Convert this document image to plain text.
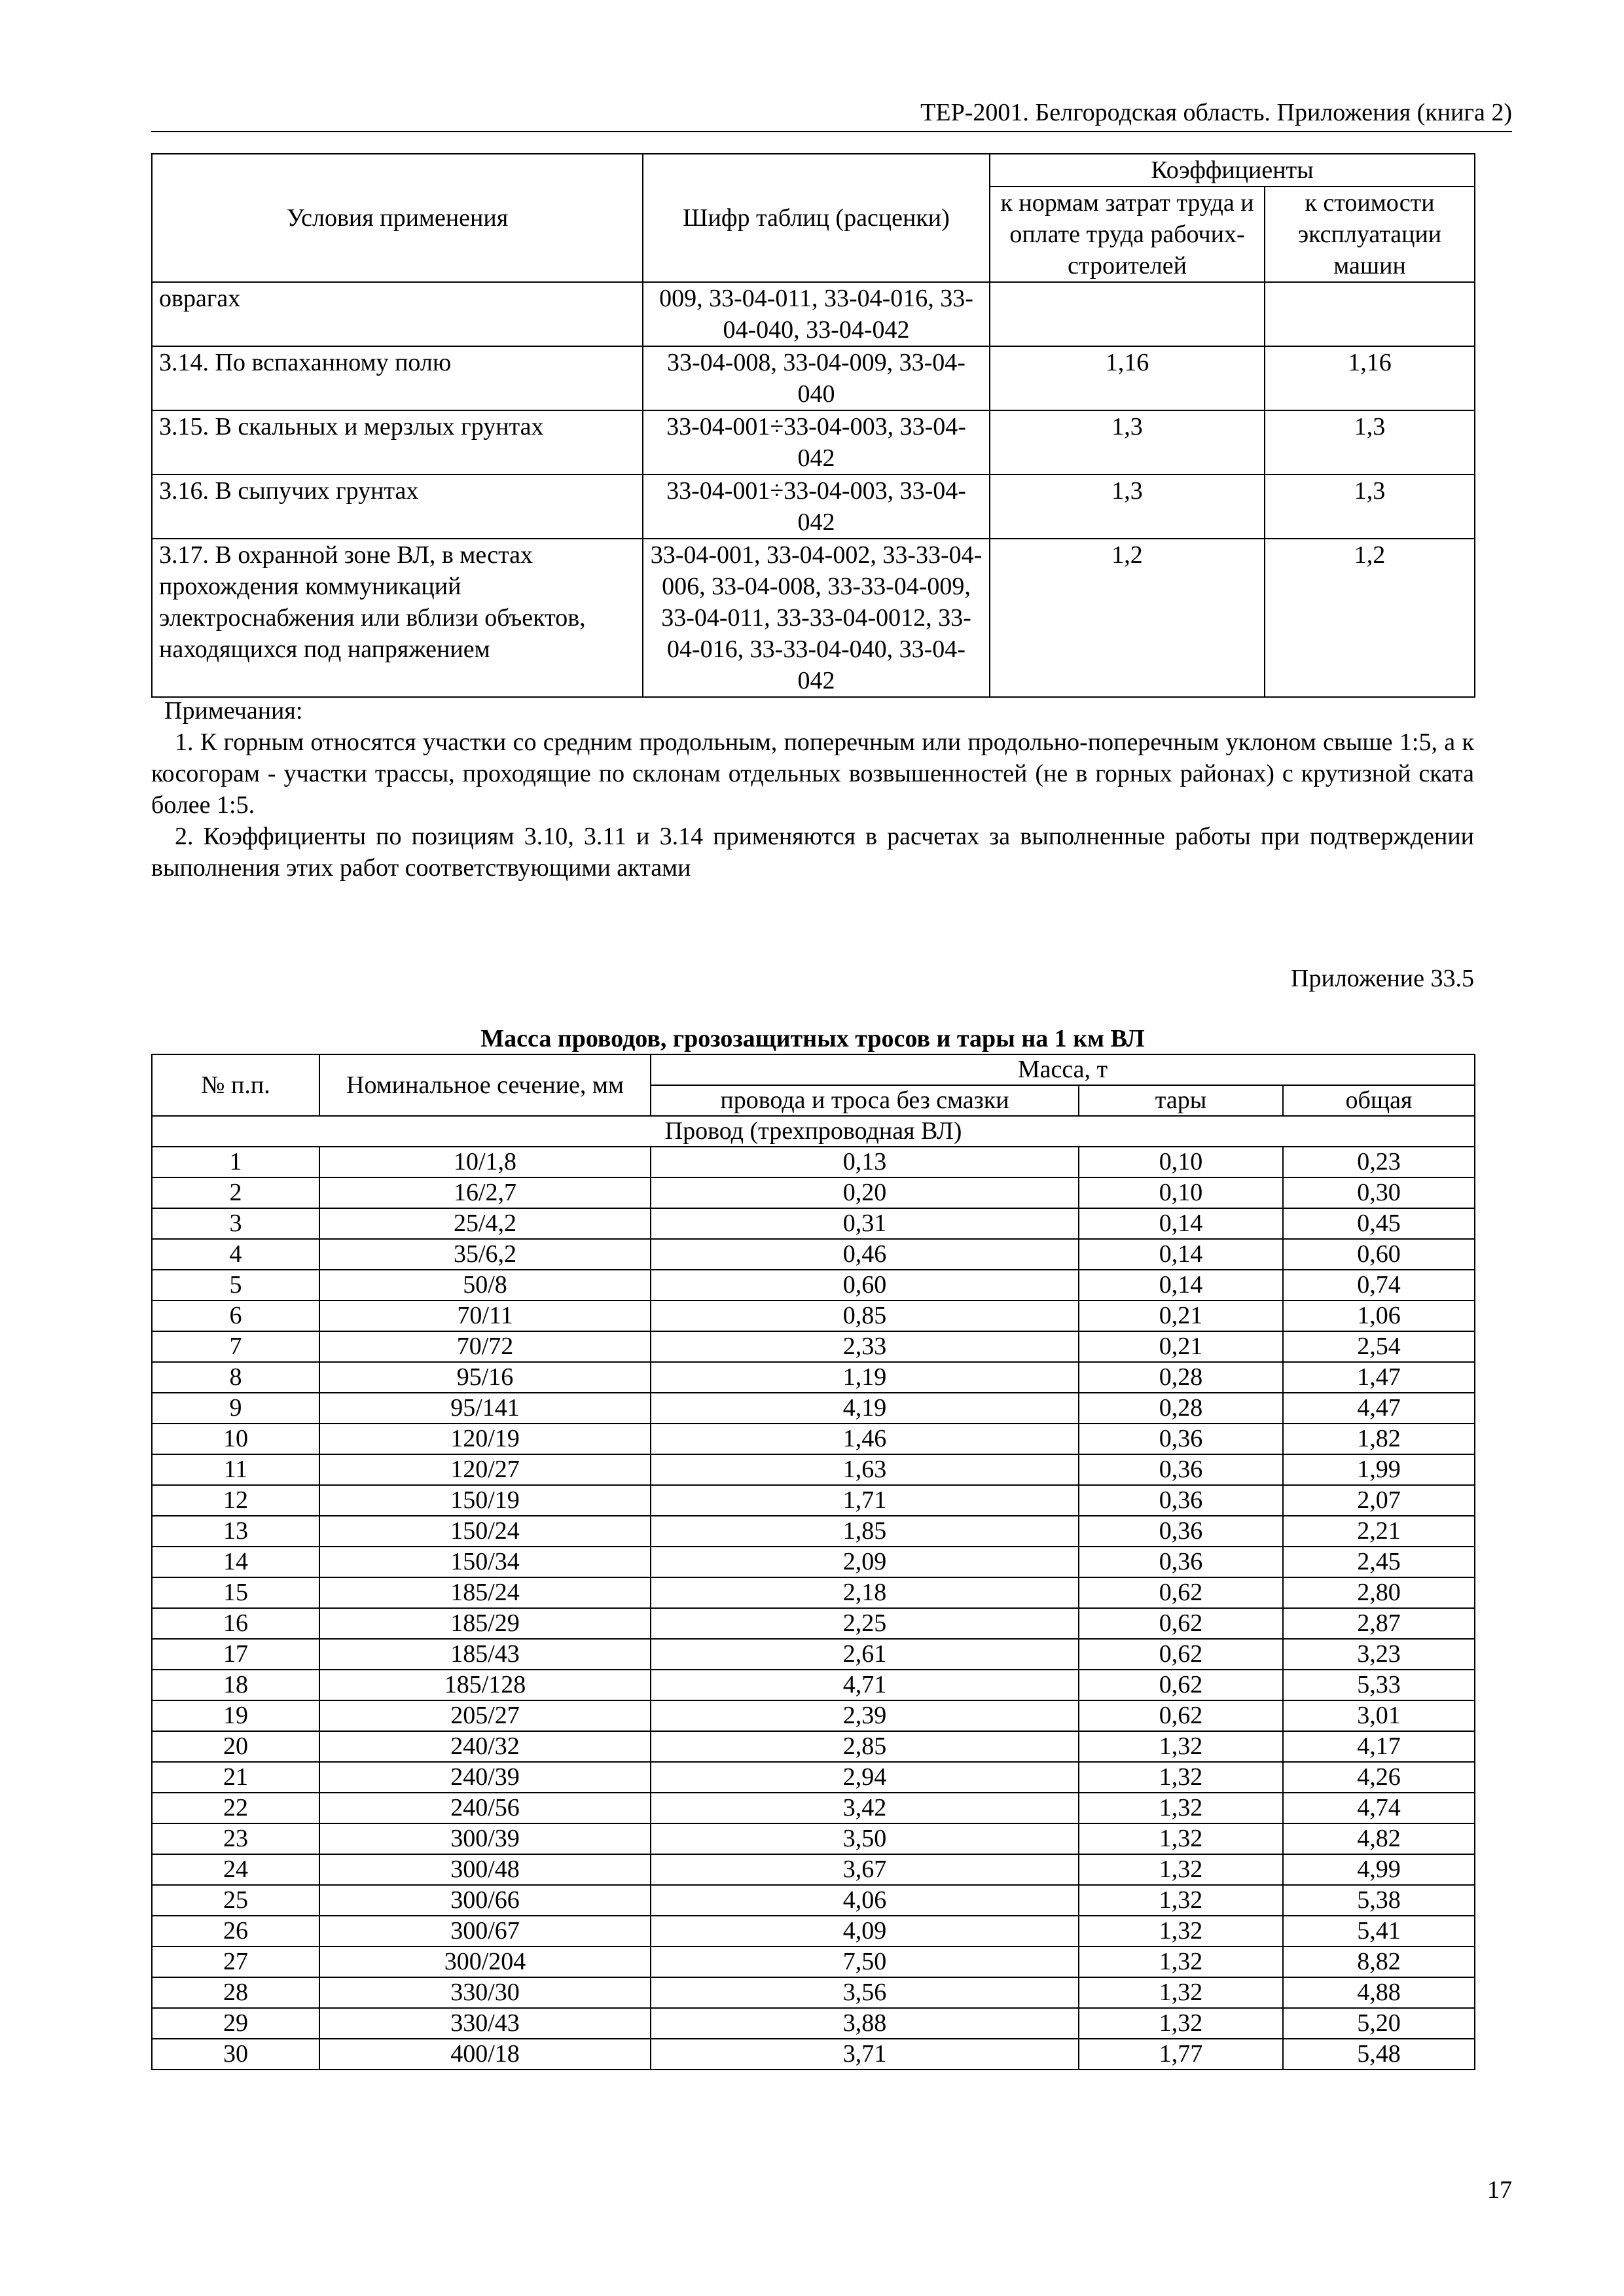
ТЕР-2001. Белгородская область. Приложения (книга 2)
Условия применения	Шифр таблиц (расценки)	Коэффициенты	
		к нормам затрат труда и оплате труда рабочих-строителей	к стоимости эксплуатации машин
оврагах	009, 33-04-011, 33-04-016, 33-04-040, 33-04-042		
3.14. По вспаханному полю	33-04-008, 33-04-009, 33-04-040	1,16	1,16
3.15. В скальных и мерзлых грунтах	33-04-001÷33-04-003, 33-04-042	1,3	1,3
3.16. В сыпучих грунтах	33-04-001÷33-04-003, 33-04-042	1,3	1,3
3.17. В охранной зоне ВЛ, в местах прохождения коммуникаций электроснабжения или вблизи объектов, находящихся под напряжением	33-04-001, 33-04-002, 33-33-04-006, 33-04-008, 33-33-04-009, 33-04-011, 33-33-04-0012, 33-04-016, 33-33-04-040, 33-04-042	1,2	1,2

Примечания:

1. К горным относятся участки со средним продольным, поперечным или продольно-поперечным уклоном свыше 1:5, а к косогорам - участки трассы, проходящие по склонам отдельных возвышенностей (не в горных районах) с крутизной ската более 1:5.

2. Коэффициенты по позициям 3.10, 3.11 и 3.14 применяются в расчетах за выполненные работы при подтверждении выполнения этих работ соответствующими актами

Приложение 33.5
Масса проводов, грозозащитных тросов и тары на 1 км ВЛ
№ п.п.	Номинальное сечение, мм	Масса, т		
		провода и троса без смазки	тары	общая
Провод (трехпроводная ВЛ)				
1	10/1,8	0,13	0,10	0,23
2	16/2,7	0,20	0,10	0,30
3	25/4,2	0,31	0,14	0,45
4	35/6,2	0,46	0,14	0,60
5	50/8	0,60	0,14	0,74
6	70/11	0,85	0,21	1,06
7	70/72	2,33	0,21	2,54
8	95/16	1,19	0,28	1,47
9	95/141	4,19	0,28	4,47
10	120/19	1,46	0,36	1,82
11	120/27	1,63	0,36	1,99
12	150/19	1,71	0,36	2,07
13	150/24	1,85	0,36	2,21
14	150/34	2,09	0,36	2,45
15	185/24	2,18	0,62	2,80
16	185/29	2,25	0,62	2,87
17	185/43	2,61	0,62	3,23
18	185/128	4,71	0,62	5,33
19	205/27	2,39	0,62	3,01
20	240/32	2,85	1,32	4,17
21	240/39	2,94	1,32	4,26
22	240/56	3,42	1,32	4,74
23	300/39	3,50	1,32	4,82
24	300/48	3,67	1,32	4,99
25	300/66	4,06	1,32	5,38
26	300/67	4,09	1,32	5,41
27	300/204	7,50	1,32	8,82
28	330/30	3,56	1,32	4,88
29	330/43	3,88	1,32	5,20
30	400/18	3,71	1,77	5,48
17
